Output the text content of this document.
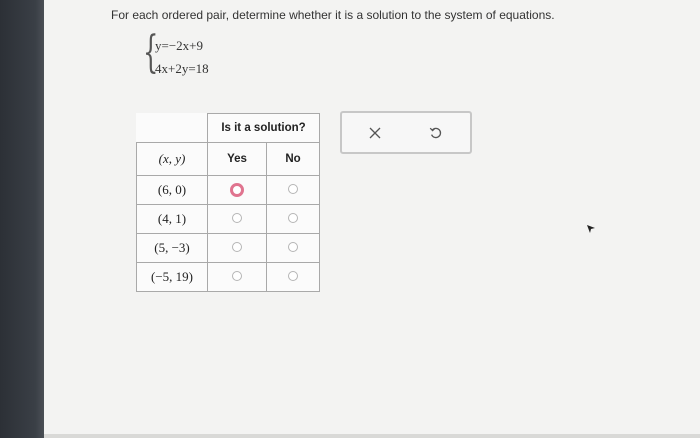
For each ordered pair, determine whether it is a solution to the system of equations.
{
y=−2x+9
4x+2y=18
	Is it a solution?	
(x, y)	Yes	No
(6, 0)		
(4, 1)		
(5, −3)		
(−5, 19)		
